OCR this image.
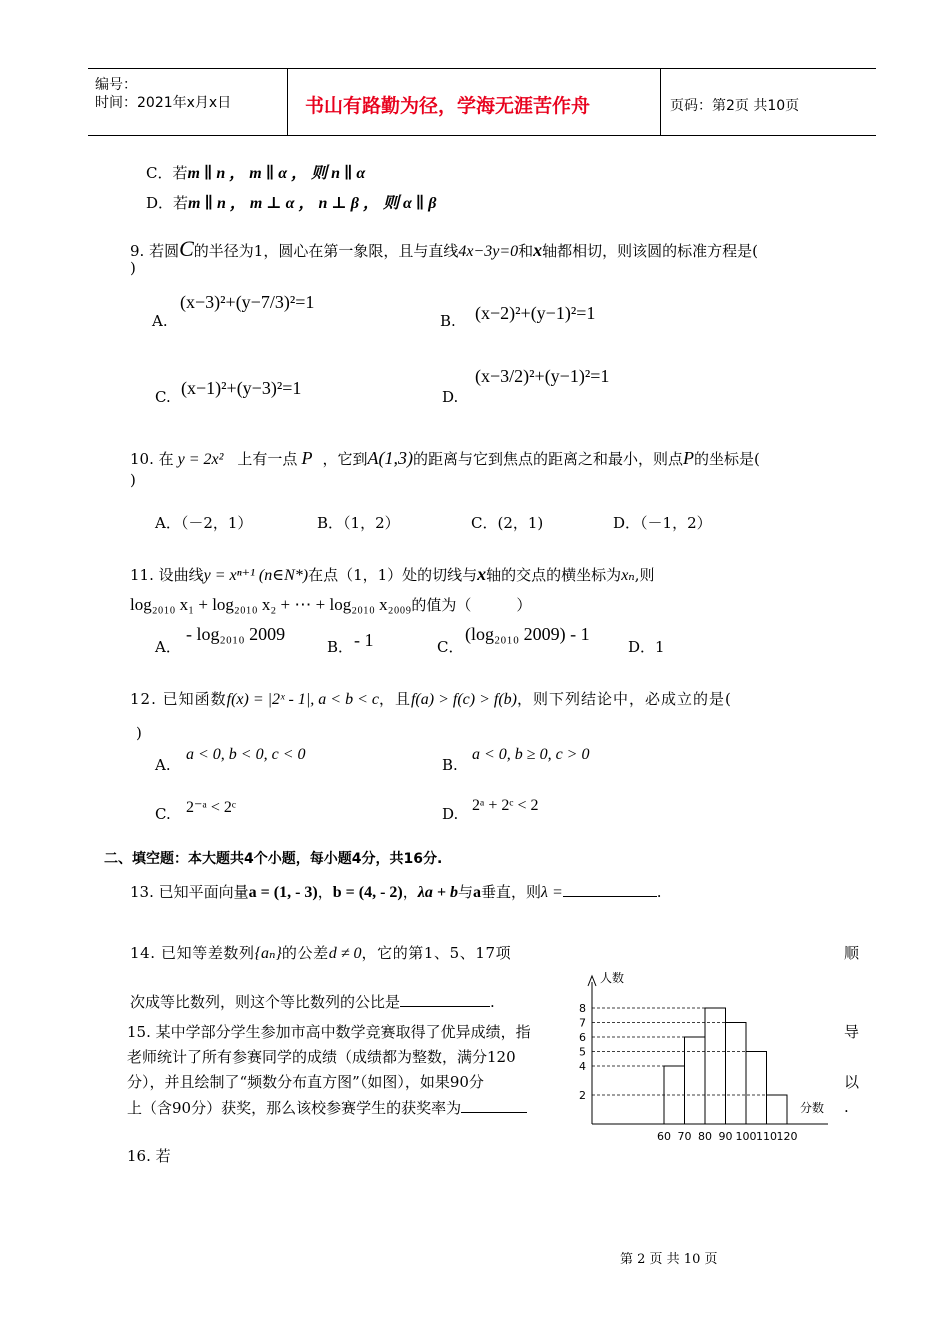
编号：
时间：2021年x月x日	书山有路勤为径，学海无涯苦作舟	页码：第2页 共10页
C．若m ∥ n ， m ∥ α ， 则 n ∥ α
D．若m ∥ n ， m ⊥ α ， n ⊥ β ， 则 α ∥ β
9. 若圆C的半径为1，圆心在第一象限，且与直线4x−3y=0和x轴都相切，则该圆的标准方程是(
)
A.
(x−3)²+(y−7/3)²=1
B. (x−2)²+(y−1)²=1
C. (x−1)²+(y−3)²=1	D.
(x−3/2)²+(y−1)²=1
10. 在 y = 2x² 上有一点 P ，它到A(1,3)的距离与它到焦点的距离之和最小，则点P的坐标是(
)
A．（－2，1）	B．（1，2）	C．(2，1)	D．（－1，2）
11. 设曲线y = xⁿ⁺¹ (n∈N*)在点（1，1）处的切线与x轴的交点的横坐标为xₙ,则
log₂₀₁₀ x₁ + log₂₀₁₀ x₂ + ⋯ + log₂₀₁₀ x₂₀₀₉的值为（　　　）
A．
- log₂₀₁₀ 2009
B． - 1	C．
(log₂₀₁₀ 2009) - 1
D．1
12. 已知函数f(x) = |2ˣ - 1|, a < b < c，且f(a) > f(c) > f(b)，则下列结论中，必成立的是(
)
A.
a < 0, b < 0, c < 0
B.
a < 0, b ≥ 0, c > 0
C. 2⁻ᵃ < 2ᶜ	D. 2ᵃ + 2ᶜ < 2
二、填空题：本大题共4个小题，每小题4分，共16分.
13. 已知平面向量a = (1, - 3)，b = (4, - 2)，λa + b与a垂直，则λ =	.
14. 已知等差数列{aₙ}的公差d ≠ 0，它的第1、5、17项	顺
次成等比数列，则这个等比数列的公比是	.
15. 某中学部分学生参加市高中数学竞赛取得了优异成绩，指	导
老师统计了所有参赛同学的成绩（成绩都为整数，满分120
分），并且绘制了“频数分布直方图”（如图），如果90分	以
上（含90分）获奖，那么该校参赛学生的获奖率为	.
人数
分数
2
4
5
6
7
8
60 70 80 90 100 110 120
16. 若
第 2 页 共 10 页
